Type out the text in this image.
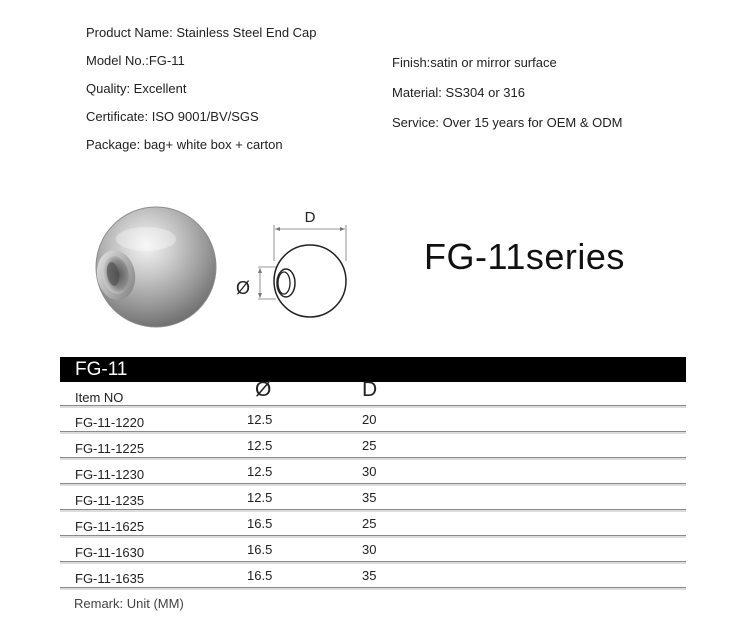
Product Name: Stainless Steel End Cap
Model No.:FG-11
Quality: Excellent
Certificate: ISO 9001/BV/SGS
Package: bag+ white box + carton
Finish:satin or mirror surface
Material: SS304 or 316
Service: Over 15 years for OEM & ODM
D
Ø
FG-11series
FG-11
Item NO	Ø	D
FG-11-1220	12.5	20
FG-11-1225	12.5	25
FG-11-1230	12.5	30
FG-11-1235	12.5	35
FG-11-1625	16.5	25
FG-11-1630	16.5	30
FG-11-1635	16.5	35
Remark: Unit (MM)
